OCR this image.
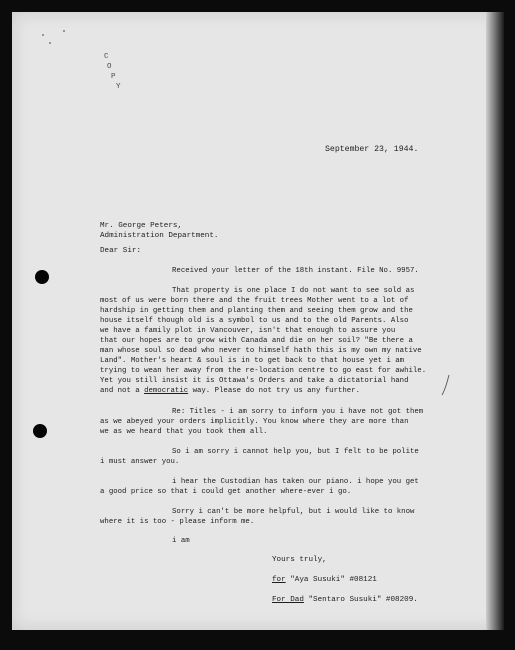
C
O
P
Y
September 23, 1944.
Mr. George Peters,
Administration Department.
Dear Sir:
Received your letter of the 18th instant. File No. 9957.
That property is one place I do not want to see sold as
most of us were born there and the fruit trees Mother went to a lot of
hardship in getting them and planting them and seeing them grow and the
house itself though old is a symbol to us and to the old Parents. Also
we have a family plot in Vancouver, isn't that enough to assure you
that our hopes are to grow with Canada and die on her soil? "Be there a
man whose soul so dead who never to himself hath this is my own my native
Land". Mother's heart & soul is in to get back to that house yet i am
trying to wean her away from the re-location centre to go east for awhile.
Yet you still insist it is Ottawa's Orders and take a dictatorial hand
and not a democratic way. Please do not try us any further.
Re: Titles - i am sorry to inform you i have not got them
as we abeyed your orders implicitly. You know where they are more than
we as we heard that you took them all.
So i am sorry i cannot help you, but I felt to be polite
i must answer you.
i hear the Custodian has taken our piano. i hope you get
a good price so that i could get another where-ever i go.
Sorry i can't be more helpful, but i would like to know
where it is too - please inform me.
i am
Yours truly,
for "Aya Susuki" #08121
For Dad "Sentaro Susuki" #08209.
